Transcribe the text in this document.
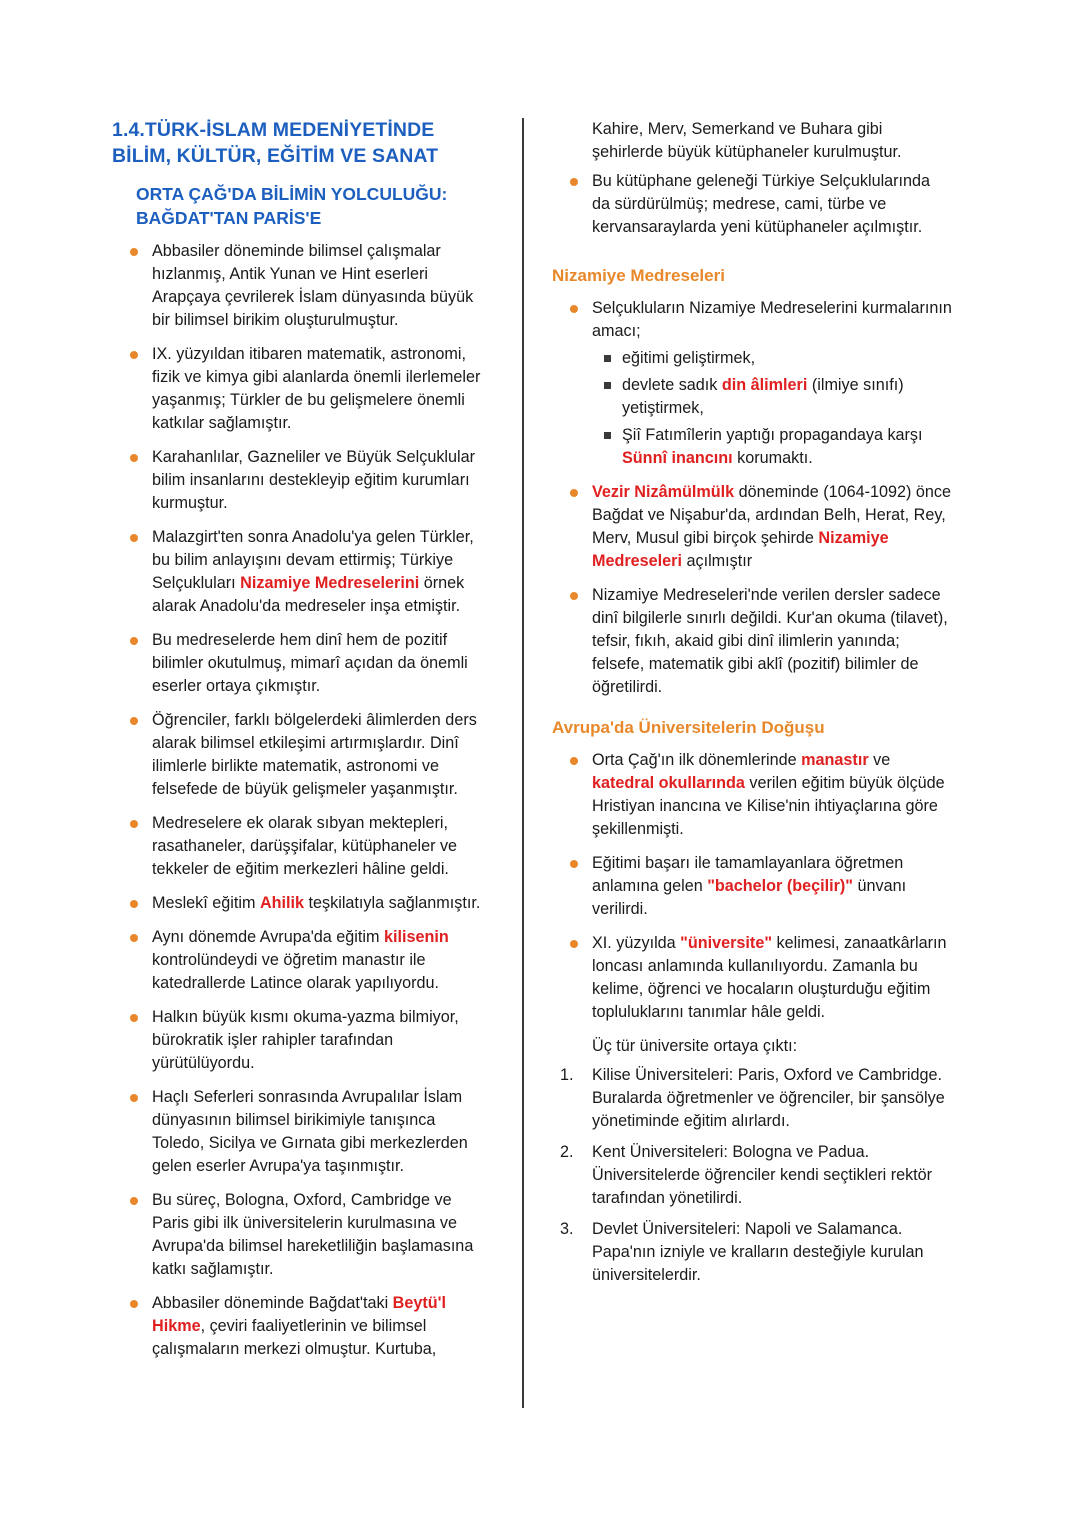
1.4.TÜRK-İSLAM MEDENİYETİNDE BİLİM, KÜLTÜR, EĞİTİM VE SANAT
ORTA ÇAĞ'DA BİLİMİN YOLCULUĞU: BAĞDAT'TAN PARİS'E
Abbasiler döneminde bilimsel çalışmalar hızlanmış, Antik Yunan ve Hint eserleri Arapçaya çevrilerek İslam dünyasında büyük bir bilimsel birikim oluşturulmuştur.
IX. yüzyıldan itibaren matematik, astronomi, fizik ve kimya gibi alanlarda önemli ilerlemeler yaşanmış; Türkler de bu gelişmelere önemli katkılar sağlamıştır.
Karahanlılar, Gazneliler ve Büyük Selçuklular bilim insanlarını destekleyip eğitim kurumları kurmuştur.
Malazgirt'ten sonra Anadolu'ya gelen Türkler, bu bilim anlayışını devam ettirmiş; Türkiye Selçukluları Nizamiye Medreselerini örnek alarak Anadolu'da medreseler inşa etmiştir.
Bu medreselerde hem dinî hem de pozitif bilimler okutulmuş, mimarî açıdan da önemli eserler ortaya çıkmıştır.
Öğrenciler, farklı bölgelerdeki âlimlerden ders alarak bilimsel etkileşimi artırmışlardır. Dinî ilimlerle birlikte matematik, astronomi ve felsefede de büyük gelişmeler yaşanmıştır.
Medreselere ek olarak sıbyan mektepleri, rasathaneler, darüşşifalar, kütüphaneler ve tekkeler de eğitim merkezleri hâline geldi.
Meslekî eğitim Ahilik teşkilatıyla sağlanmıştır.
Aynı dönemde Avrupa'da eğitim kilisenin kontrolündeydi ve öğretim manastır ile katedrallerde Latince olarak yapılıyordu.
Halkın büyük kısmı okuma-yazma bilmiyor, bürokratik işler rahipler tarafından yürütülüyordu.
Haçlı Seferleri sonrasında Avrupalılar İslam dünyasının bilimsel birikimiyle tanışınca Toledo, Sicilya ve Gırnata gibi merkezlerden gelen eserler Avrupa'ya taşınmıştır.
Bu süreç, Bologna, Oxford, Cambridge ve Paris gibi ilk üniversitelerin kurulmasına ve Avrupa'da bilimsel hareketliliğin başlamasına katkı sağlamıştır.
Abbasiler döneminde Bağdat'taki Beytü'l Hikme, çeviri faaliyetlerinin ve bilimsel çalışmaların merkezi olmuştur. Kurtuba,
Kahire, Merv, Semerkand ve Buhara gibi şehirlerde büyük kütüphaneler kurulmuştur.
Bu kütüphane geleneği Türkiye Selçuklularında da sürdürülmüş; medrese, cami, türbe ve kervansaraylarda yeni kütüphaneler açılmıştır.
Nizamiye Medreseleri
Selçukluların Nizamiye Medreselerini kurmalarının amacı;
eğitimi geliştirmek,
devlete sadık din âlimleri (ilmiye sınıfı) yetiştirmek,
Şiî Fatımîlerin yaptığı propagandaya karşı Sünnî inancını korumaktı.
Vezir Nizâmülmülk döneminde (1064-1092) önce Bağdat ve Nişabur'da, ardından Belh, Herat, Rey, Merv, Musul gibi birçok şehirde Nizamiye Medreseleri açılmıştır
Nizamiye Medreseleri'nde verilen dersler sadece dinî bilgilerle sınırlı değildi. Kur'an okuma (tilavet), tefsir, fıkıh, akaid gibi dinî ilimlerin yanında; felsefe, matematik gibi aklî (pozitif) bilimler de öğretilirdi.
Avrupa'da Üniversitelerin Doğuşu
Orta Çağ'ın ilk dönemlerinde manastır ve katedral okullarında verilen eğitim büyük ölçüde Hristiyan inancına ve Kilise'nin ihtiyaçlarına göre şekillenmişti.
Eğitimi başarı ile tamamlayanlara öğretmen anlamına gelen "bachelor (beçilir)" ünvanı verilirdi.
XI. yüzyılda "üniversite" kelimesi, zanaatkârların loncası anlamında kullanılıyordu. Zamanla bu kelime, öğrenci ve hocaların oluşturduğu eğitim topluluklarını tanımlar hâle geldi.
Üç tür üniversite ortaya çıktı:
Kilise Üniversiteleri: Paris, Oxford ve Cambridge. Buralarda öğretmenler ve öğrenciler, bir şansölye yönetiminde eğitim alırlardı.
Kent Üniversiteleri: Bologna ve Padua. Üniversitelerde öğrenciler kendi seçtikleri rektör tarafından yönetilirdi.
Devlet Üniversiteleri: Napoli ve Salamanca. Papa'nın izniyle ve kralların desteğiyle kurulan üniversitelerdir.
